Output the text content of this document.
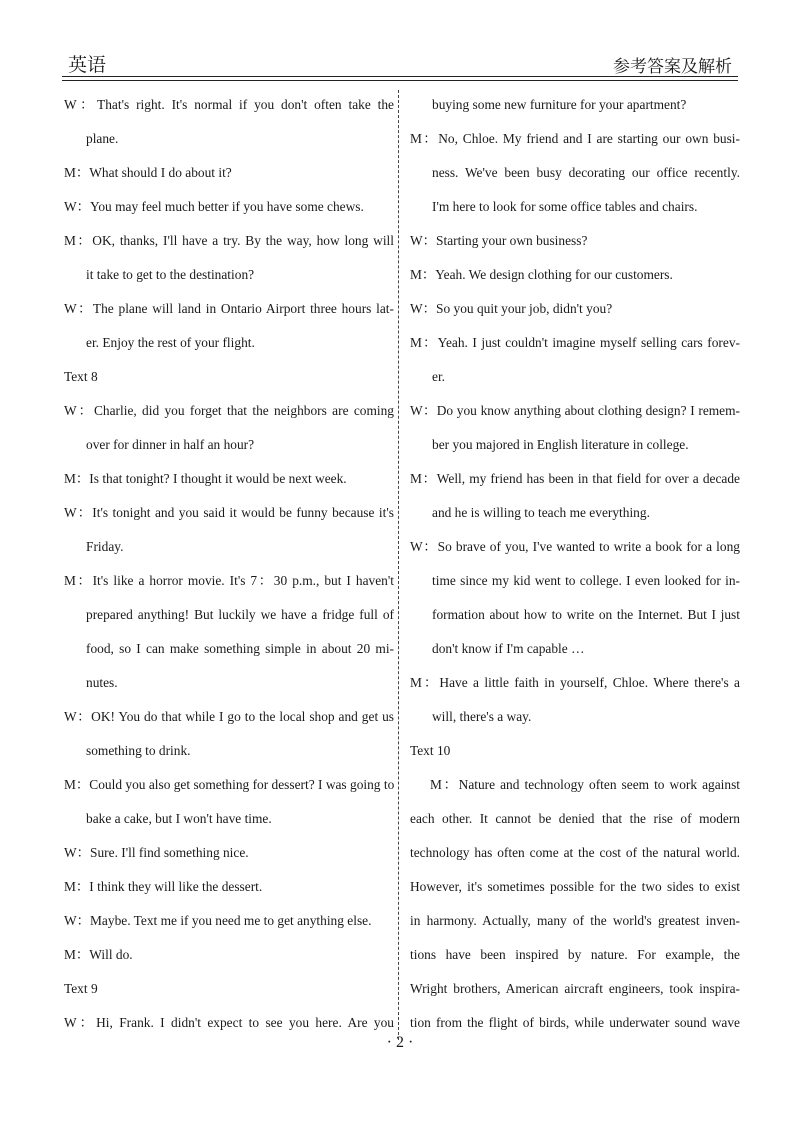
英语	参考答案及解析
W：That's right. It's normal if you don't often take the
plane.
M：What should I do about it?
W：You may feel much better if you have some chews.
M：OK, thanks, I'll have a try. By the way, how long will
it take to get to the destination?
W：The plane will land in Ontario Airport three hours lat-
er. Enjoy the rest of your flight.
Text 8
W：Charlie, did you forget that the neighbors are coming
over for dinner in half an hour?
M：Is that tonight? I thought it would be next week.
W：It's tonight and you said it would be funny because it's
Friday.
M：It's like a horror movie. It's 7：30 p.m., but I haven't
prepared anything! But luckily we have a fridge full of
food, so I can make something simple in about 20 mi-
nutes.
W：OK! You do that while I go to the local shop and get us
something to drink.
M：Could you also get something for dessert? I was going to
bake a cake, but I won't have time.
W：Sure. I'll find something nice.
M：I think they will like the dessert.
W：Maybe. Text me if you need me to get anything else.
M：Will do.
Text 9
W：Hi, Frank. I didn't expect to see you here. Are you
buying some new furniture for your apartment?
M：No, Chloe. My friend and I are starting our own busi-
ness. We've been busy decorating our office recently.
I'm here to look for some office tables and chairs.
W：Starting your own business?
M：Yeah. We design clothing for our customers.
W：So you quit your job, didn't you?
M：Yeah. I just couldn't imagine myself selling cars forev-
er.
W：Do you know anything about clothing design? I remem-
ber you majored in English literature in college.
M：Well, my friend has been in that field for over a decade
and he is willing to teach me everything.
W：So brave of you, I've wanted to write a book for a long
time since my kid went to college. I even looked for in-
formation about how to write on the Internet. But I just
don't know if I'm capable …
M：Have a little faith in yourself, Chloe. Where there's a
will, there's a way.
Text 10
M：Nature and technology often seem to work against
each other. It cannot be denied that the rise of modern
technology has often come at the cost of the natural world.
However, it's sometimes possible for the two sides to exist
in harmony. Actually, many of the world's greatest inven-
tions have been inspired by nature. For example, the
Wright brothers, American aircraft engineers, took inspira-
tion from the flight of birds, while underwater sound wave
· 2 ·
